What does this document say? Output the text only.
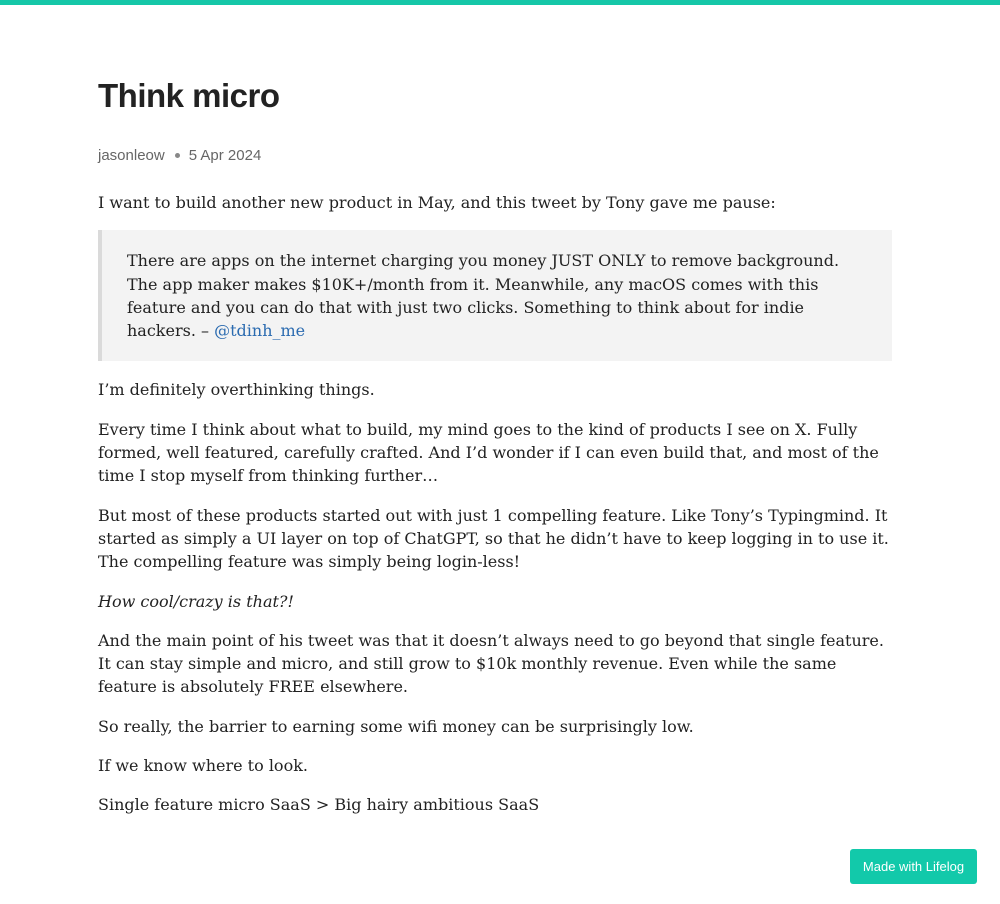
Think micro
jasonleow 5 Apr 2024

I want to build another new product in May, and this tweet by Tony gave me pause:

There are apps on the internet charging you money JUST ONLY to remove background. The app maker makes $10K+/month from it. Meanwhile, any macOS comes with this feature and you can do that with just two clicks. Something to think about for indie hackers. – @tdinh_me

I’m definitely overthinking things.

Every time I think about what to build, my mind goes to the kind of products I see on X. Fully formed, well featured, carefully crafted. And I’d wonder if I can even build that, and most of the time I stop myself from thinking further…

But most of these products started out with just 1 compelling feature. Like Tony’s Typingmind. It started as simply a UI layer on top of ChatGPT, so that he didn’t have to keep logging in to use it. The compelling feature was simply being login-less!

How cool/crazy is that?!

And the main point of his tweet was that it doesn’t always need to go beyond that single feature. It can stay simple and micro, and still grow to $10k monthly revenue. Even while the same feature is absolutely FREE elsewhere.

So really, the barrier to earning some wifi money can be surprisingly low.

If we know where to look.

Single feature micro SaaS > Big hairy ambitious SaaS

Made with Lifelog
